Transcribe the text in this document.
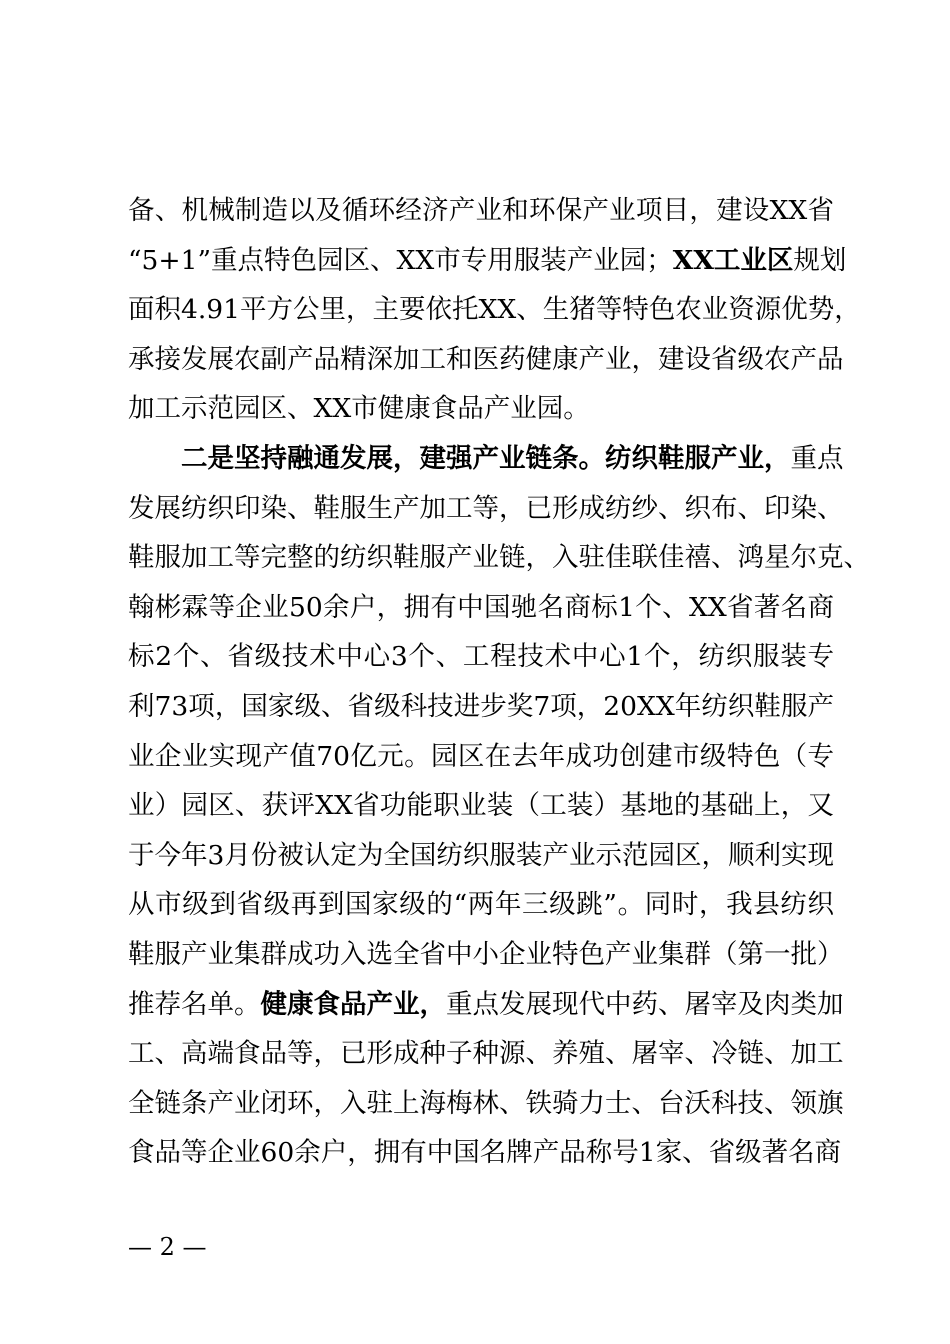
备、机械制造以及循环经济产业和环保产业项目，建设XX省
“5+1”重点特色园区、XX市专用服装产业园；XX工业区规划
面积4.91平方公里，主要依托XX、生猪等特色农业资源优势，
承接发展农副产品精深加工和医药健康产业，建设省级农产品
加工示范园区、XX市健康食品产业园。
二是坚持融通发展，建强产业链条。纺织鞋服产业，重点
发展纺织印染、鞋服生产加工等，已形成纺纱、织布、印染、
鞋服加工等完整的纺织鞋服产业链，入驻佳联佳禧、鸿星尔克、
翰彬霖等企业50余户，拥有中国驰名商标1个、XX省著名商
标2个、省级技术中心3个、工程技术中心1个，纺织服装专
利73项，国家级、省级科技进步奖7项，20XX年纺织鞋服产
业企业实现产值70亿元。园区在去年成功创建市级特色（专
业）园区、获评XX省功能职业装（工装）基地的基础上，又
于今年3月份被认定为全国纺织服装产业示范园区，顺利实现
从市级到省级再到国家级的“两年三级跳”。同时，我县纺织
鞋服产业集群成功入选全省中小企业特色产业集群（第一批）
推荐名单。健康食品产业，重点发展现代中药、屠宰及肉类加
工、高端食品等，已形成种子种源、养殖、屠宰、冷链、加工
全链条产业闭环，入驻上海梅林、铁骑力士、台沃科技、领旗
食品等企业60余户，拥有中国名牌产品称号1家、省级著名商
— 2 —
